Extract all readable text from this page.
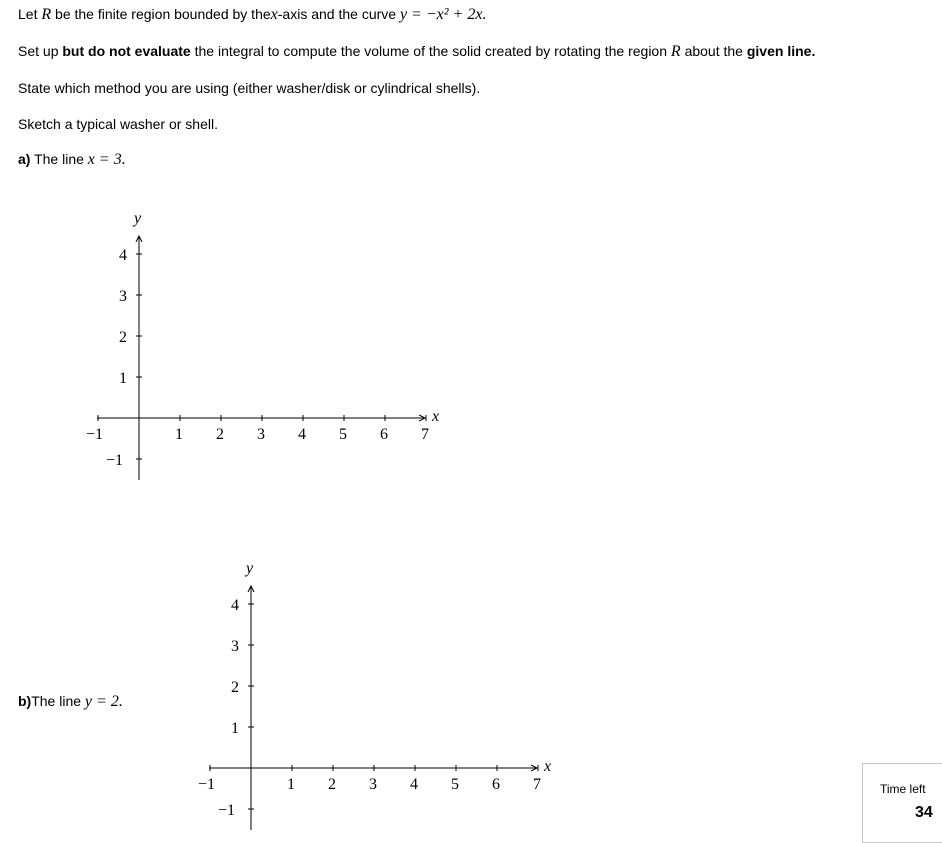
Let R be the finite region bounded by thex-axis and the curve y = −x² + 2x.
Set up but do not evaluate the integral to compute the volume of the solid created by rotating the region R about the given line.
State which method you are using (either washer/disk or cylindrical shells).
Sketch a typical washer or shell.
a) The line x = 3.
y
x
4
3
2
1
−1
−1	1 2 3 4 5 6 7
b)The line y = 2.
y
x
4
3
2
1
−1
−1	1 2 3 4 5 6 7	Time left
34
